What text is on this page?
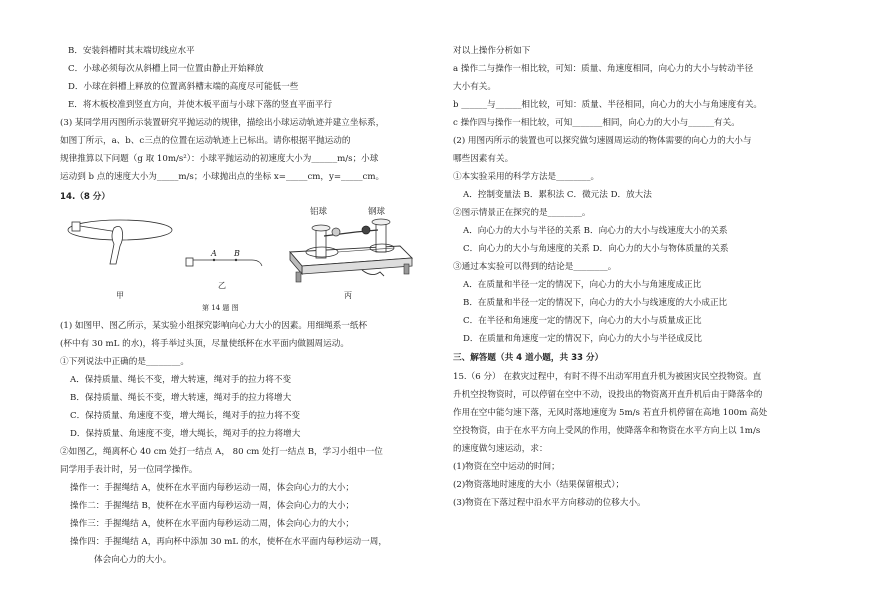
B．安装斜槽时其末端切线应水平
C．小球必须每次从斜槽上同一位置由静止开始释放
D．小球在斜槽上释放的位置离斜槽末端的高度尽可能低一些
E．将木板校准到竖直方向，并使木板平面与小球下落的竖直平面平行
(3) 某同学用丙图所示装置研究平抛运动的规律，描绘出小球运动轨迹并建立坐标系，
如图丁所示，a、b、c三点的位置在运动轨迹上已标出。请你根据平抛运动的
规律推算以下问题（g 取 10m/s²）：小球平抛运动的初速度大小为______m/s；小球
运动到 b 点的速度大小为_____m/s；小球抛出点的坐标 x=_____cm，y=_____cm。
14.（8 分）
(1) 如图甲、图乙所示，某实验小组探究影响向心力大小的因素。用细绳系一纸杯
(杯中有 30 mL 的水)，将手举过头顶，尽量使纸杯在水平面内做圆周运动。
①下列说法中正确的是________。
A．保持质量、绳长不变，增大转速，绳对手的拉力将不变
B．保持质量、绳长不变，增大转速，绳对手的拉力将增大
C．保持质量、角速度不变，增大绳长，绳对手的拉力将不变
D．保持质量、角速度不变，增大绳长，绳对手的拉力将增大
②如图乙，绳离杯心 40 cm 处打一结点 A， 80 cm 处打一结点 B，学习小组中一位
同学用手表计时，另一位同学操作。
操作一：手握绳结 A，使杯在水平面内每秒运动一周，体会向心力的大小；
操作二：手握绳结 B，使杯在水平面内每秒运动一周，体会向心力的大小；
操作三：手握绳结 A，使杯在水平面内每秒运动二周，体会向心力的大小；
操作四：手握绳结 A，再向杯中添加 30 mL 的水，使杯在水平面内每秒运动一周，
体会向心力的大小。
甲
A B
乙
铝球	钢球
丙
第 14 题 图
对以上操作分析如下
a 操作二与操作一相比较，可知：质量、角速度相同，向心力的大小与转动半径
大小有关。
b ______与______相比较，可知：质量、半径相同，向心力的大小与角速度有关。
c 操作四与操作一相比较，可知_______相同，向心力的大小与______有关。
(2) 用图丙所示的装置也可以探究做匀速圆周运动的物体需要的向心力的大小与
哪些因素有关。
①本实验采用的科学方法是________。
A．控制变量法 B．累积法 C．微元法 D．放大法
②图示情景正在探究的是________。
A．向心力的大小与半径的关系 B．向心力的大小与线速度大小的关系
C．向心力的大小与角速度的关系 D．向心力的大小与物体质量的关系
③通过本实验可以得到的结论是________。
A．在质量和半径一定的情况下，向心力的大小与角速度成正比
B．在质量和半径一定的情况下，向心力的大小与线速度的大小成正比
C．在半径和角速度一定的情况下，向心力的大小与质量成正比
D．在质量和角速度一定的情况下，向心力的大小与半径成反比
三、解答题（共 4 道小题，共 33 分）
15.（6 分） 在救灾过程中，有时不得不出动军用直升机为被困灾民空投物资。直
升机空投物资时，可以停留在空中不动，设投出的物资离开直升机后由于降落伞的
作用在空中能匀速下落，无风时落地速度为 5m/s 若直升机停留在高地 100m 高处
空投物资，由于在水平方向上受风的作用，使降落伞和物资在水平方向上以 1m/s
的速度做匀速运动，求：
(1)物资在空中运动的时间；
(2)物资落地时速度的大小（结果保留根式）；
(3)物资在下落过程中沿水平方向移动的位移大小。
